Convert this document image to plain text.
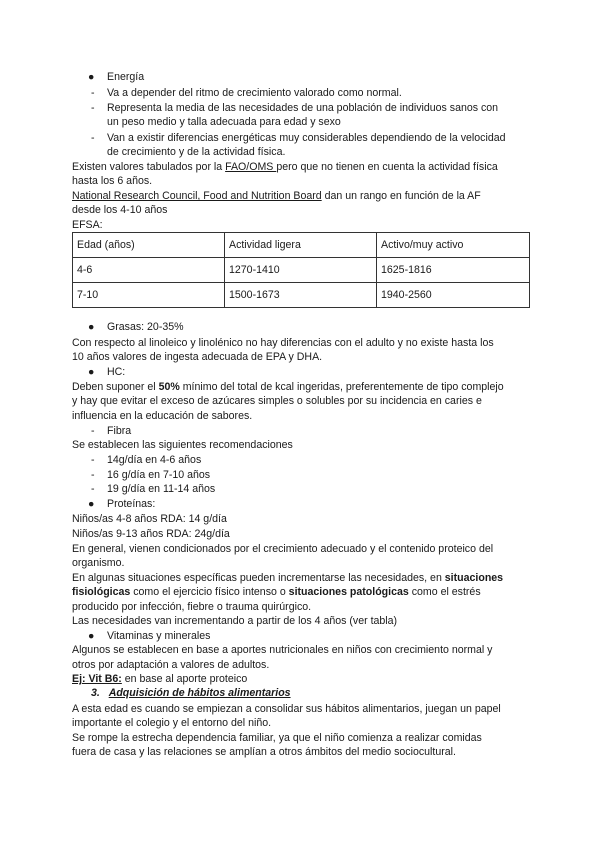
●	Energía
- Va a depender del ritmo de crecimiento valorado como normal.
- Representa la media de las necesidades de una población de individuos sanos con
un peso medio y talla adecuada para edad y sexo
- Van a existir diferencias energéticas muy considerables dependiendo de la velocidad
de crecimiento y de la actividad física.
Existen valores tabulados por la FAO/OMS pero que no tienen en cuenta la actividad física
hasta los 6 años.
National Research Council, Food and Nutrition Board dan un rango en función de la AF
desde los 4-10 años
EFSA:
Edad (años)	Actividad ligera	Activo/muy activo
4-6	1270-1410	1625-1816
7-10	1500-1673	1940-2560
●	Grasas: 20-35%
Con respecto al linoleico y linolénico no hay diferencias con el adulto y no existe hasta los
10 años valores de ingesta adecuada de EPA y DHA.
●	HC:
Deben suponer el 50% mínimo del total de kcal ingeridas, preferentemente de tipo complejo
y hay que evitar el exceso de azúcares simples o solubles por su incidencia en caries e
influencia en la educación de sabores.
- Fibra
Se establecen las siguientes recomendaciones
- 14g/día en 4-6 años
- 16 g/día en 7-10 años
- 19 g/día en 11-14 años
●	Proteínas:
Niños/as 4-8 años RDA: 14 g/día
Niños/as 9-13 años RDA: 24g/día
En general, vienen condicionados por el crecimiento adecuado y el contenido proteico del
organismo.
En algunas situaciones específicas pueden incrementarse las necesidades, en situaciones
fisiológicas como el ejercicio físico intenso o situaciones patológicas como el estrés
producido por infección, fiebre o trauma quirúrgico.
Las necesidades van incrementando a partir de los 4 años (ver tabla)
●	Vitaminas y minerales
Algunos se establecen en base a aportes nutricionales en niños con crecimiento normal y
otros por adaptación a valores de adultos.
Ej: Vit B6: en base al aporte proteico
3. Adquisición de hábitos alimentarios
A esta edad es cuando se empiezan a consolidar sus hábitos alimentarios, juegan un papel
importante el colegio y el entorno del niño.
Se rompe la estrecha dependencia familiar, ya que el niño comienza a realizar comidas
fuera de casa y las relaciones se amplían a otros ámbitos del medio sociocultural.
